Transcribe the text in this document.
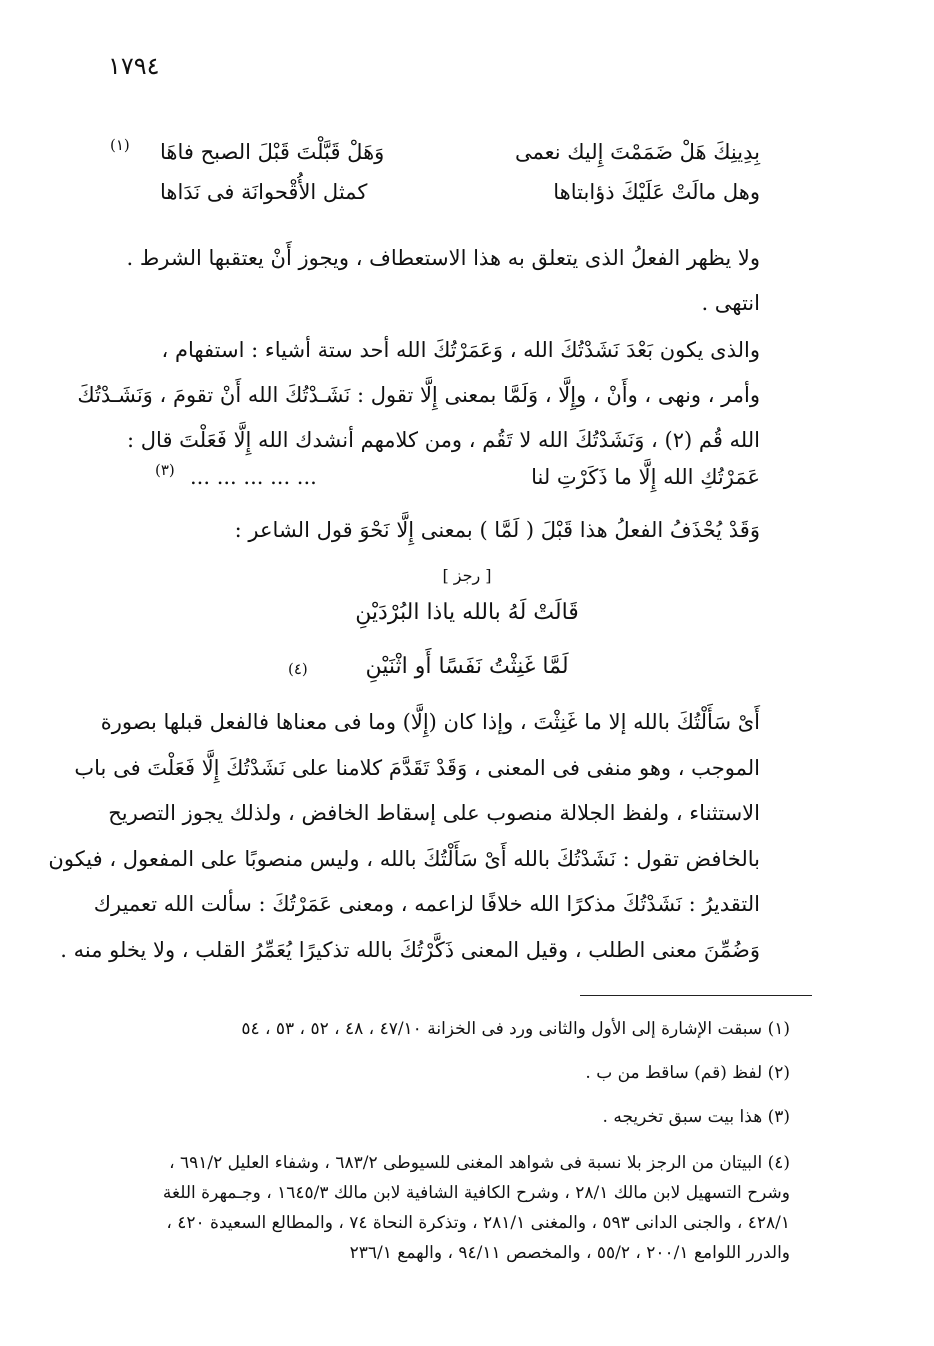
١٧٩٤
بِدِينِكَ هَلْ ضَمَمْتَ إِليك نعمى
وَهَلْ قَبَّلْتَ قَبْلَ الصبح فاهَا
(١)
وهل مالَتْ عَلَيْكَ ذؤابتاها
كمثل الأُقْحوانَة فى نَدَاها
ولا يظهر الفعلُ الذى يتعلق به هذا الاستعطاف ، ويجوز أَنْ يعتقبها الشرط .
انتهى .
والذى يكون بَعْدَ نَشَدْتُكَ الله ، وَعَمَرْتُكَ الله أحد ستة أشياء : استفهام ،
وأمر ، ونهى ، وأَنْ ، وإِلَّا ، وَلَمَّا بمعنى إِلَّا تقول : نَشَـدْتُكَ الله أَنْ تقومَ ، وَنَشَـدْتُكَ
الله قُم (٢) ، وَنَشَدْتُكَ الله لا تَقُم ، ومن كلامهم أنشدك الله إِلَّا فَعَلْتَ قال :
عَمَرْتُكِ الله إِلَّا ما ذَكَرْتِ لنا
... ... ... ... ...
(٣)
وَقَدْ يُحْذَفُ الفعلُ هذا قَبْلَ ( لَمَّا ) بمعنى إِلَّا نَحْوَ قول الشاعر :
[ رجز ]
قَالَتْ لَهُ بالله ياذا البُرْدَيْنِ
لَمَّا غَنِثْتُ نَفَسًا أَو اثْنَيْنِ
(٤)
أَىْ سَأَلْتُكَ بالله إلا ما غَنِثْتَ ، وإذا كان (إِلَّا) وما فى معناها فالفعل قبلها بصورة
الموجب ، وهو منفى فى المعنى ، وَقَدْ تَقَدَّمَ كلامنا على نَشَدْتُكَ إِلَّا فَعَلْتَ فى باب
الاستثناء ، ولفظ الجلالة منصوب على إسقاط الخافض ، ولذلك يجوز التصريح
بالخافض تقول : نَشَدْتُكَ بالله أَىْ سَأَلْتُكَ بالله ، وليس منصوبًا على المفعول ، فيكون
التقديرُ : نَشَدْتُكَ مذكرًا الله خلافًا لزاعمه ، ومعنى عَمَرْتُكَ : سألت الله تعميرك
وَضُمِّنَ معنى الطلب ، وقيل المعنى ذَكَّرْتُكَ بالله تذكيرًا يُعَمِّرُ القلب ، ولا يخلو منه .
(١) سبقت الإشارة إلى الأول والثانى ورد فى الخزانة ٤٧/١٠ ، ٤٨ ، ٥٢ ، ٥٣ ، ٥٤
(٢) لفظ (قم) ساقط من ب .
(٣) هذا بيت سبق تخريجه .
(٤) البيتان من الرجز بلا نسبة فى شواهد المغنى للسيوطى ٦٨٣/٢ ، وشفاء العليل ٦٩١/٢ ،
وشرح التسهيل لابن مالك ٢٨/١ ، وشرح الكافية الشافية لابن مالك ١٦٤٥/٣ ، وجـمهرة اللغة
٤٢٨/١ ، والجنى الدانى ٥٩٣ ، والمغنى ٢٨١/١ ، وتذكرة النحاة ٧٤ ، والمطالع السعيدة ٤٢٠ ،
والدرر اللوامع ٢٠٠/١ ، ٥٥/٢ ، والمخصص ٩٤/١١ ، والهمع ٢٣٦/١
